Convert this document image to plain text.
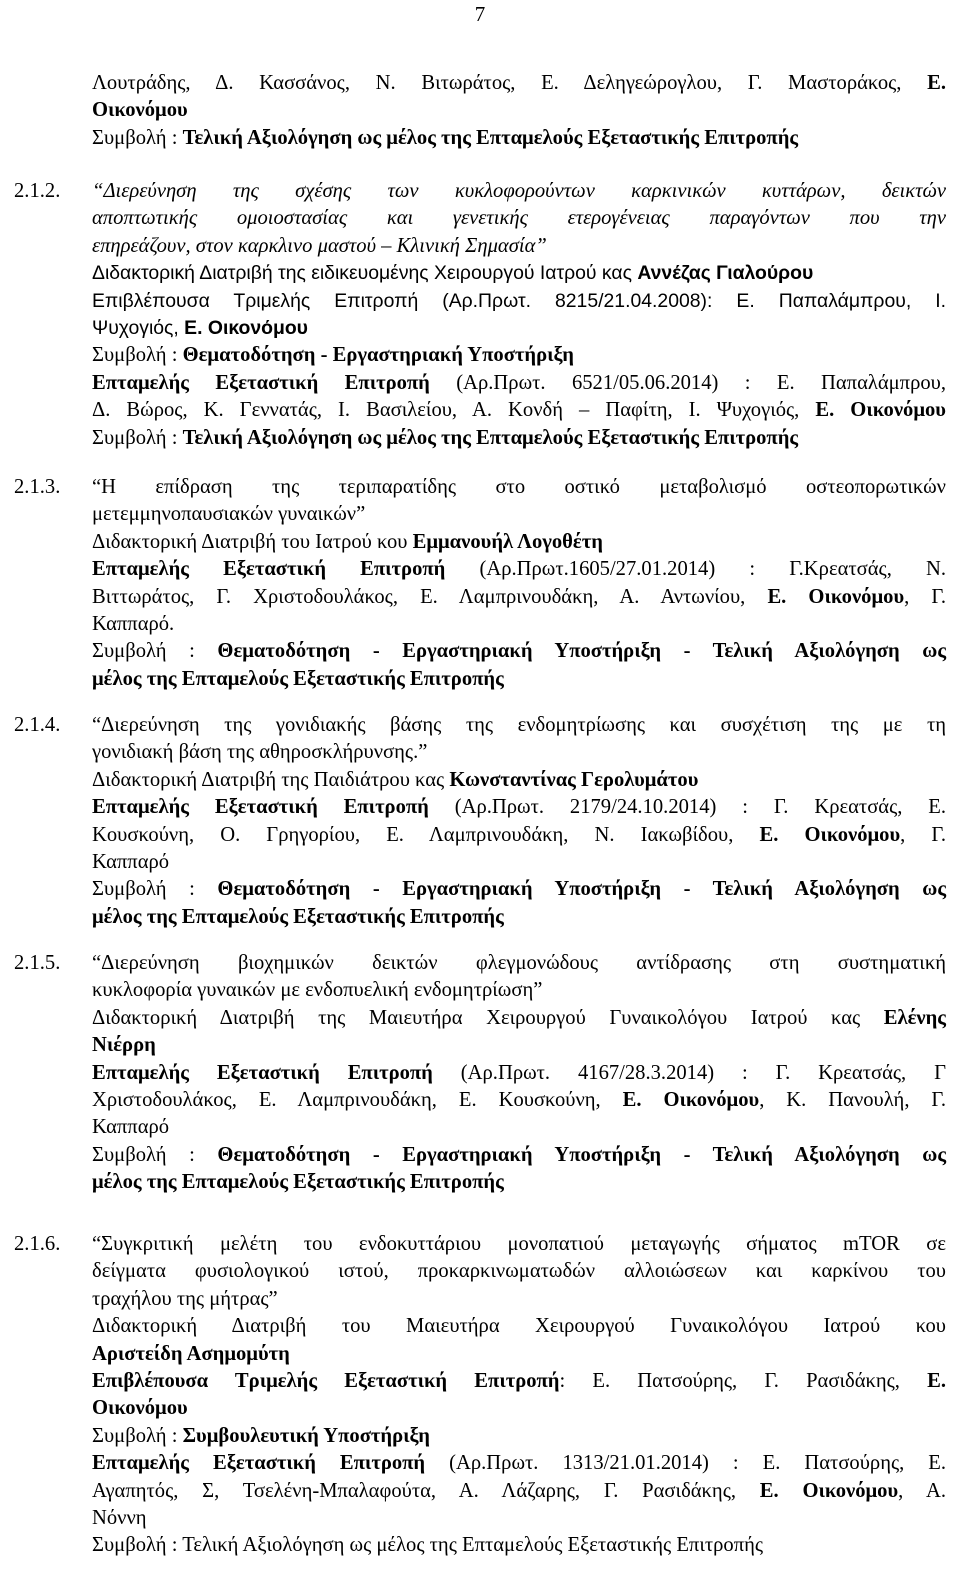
7
Λουτράδης, Δ. Κασσάνος, Ν. Βιτωράτος, Ε. Δεληγεώρογλου, Γ. Μαστοράκος, Ε.
Οικονόμου
Συμβολή : Τελική Αξιολόγηση ως μέλος της Επταμελούς Εξεταστικής Επιτροπής
2.1.2.	“Διερεύνηση της σχέσης των κυκλοφορούντων καρκινικών κυττάρων, δεικτών
αποπτωτικής ομοιοστασίας και γενετικής ετερογένειας παραγόντων που την
επηρεάζουν, στον καρκλινο μαστού – Κλινική Σημασία”
Διδακτορική Διατριβή της ειδικευομένης Χειρουργού Ιατρού κας Αννέζας Γιαλούρου
Επιβλέπουσα Τριμελής Επιτροπή (Αρ.Πρωτ. 8215/21.04.2008): Ε. Παπαλάμπρου, Ι.
Ψυχογιός, Ε. Οικονόμου
Συμβολή : Θεματοδότηση - Εργαστηριακή Υποστήριξη
Επταμελής Εξεταστική Επιτροπή (Αρ.Πρωτ. 6521/05.06.2014) : Ε. Παπαλάμπρου,
Δ. Βώρος, Κ. Γεννατάς, Ι. Βασιλείου, Α. Κονδή – Παφίτη, Ι. Ψυχογιός, Ε. Οικονόμου
Συμβολή : Τελική Αξιολόγηση ως μέλος της Επταμελούς Εξεταστικής Επιτροπής
2.1.3.	“Η επίδραση της τεριπαρατίδης στο οστικό μεταβολισμό οστεοπορωτικών
μετεμμηνοπαυσιακών γυναικών”
Διδακτορική Διατριβή του Ιατρού κου Εμμανουήλ Λογοθέτη
Επταμελής Εξεταστική Επιτροπή (Αρ.Πρωτ.1605/27.01.2014) : Γ.Κρεατσάς, Ν.
Βιττωράτος, Γ. Χριστοδουλάκος, Ε. Λαμπρινουδάκη, Α. Αντωνίου, Ε. Οικονόμου, Γ.
Καππαρό.
Συμβολή : Θεματοδότηση - Εργαστηριακή Υποστήριξη - Τελική Αξιολόγηση ως
μέλος της Επταμελούς Εξεταστικής Επιτροπής
2.1.4.	“Διερεύνηση της γονιδιακής βάσης της ενδομητρίωσης και συσχέτιση της με τη
γονιδιακή βάση της αθηροσκλήρυνσης.”
Διδακτορική Διατριβή της Παιδιάτρου κας Κωνσταντίνας Γερολυμάτου
Επταμελής Εξεταστική Επιτροπή (Αρ.Πρωτ. 2179/24.10.2014) : Γ. Κρεατσάς, Ε.
Κουσκούνη, Ο. Γρηγορίου, Ε. Λαμπρινουδάκη, Ν. Ιακωβίδου, Ε. Οικονόμου, Γ.
Καππαρό
Συμβολή : Θεματοδότηση - Εργαστηριακή Υποστήριξη - Τελική Αξιολόγηση ως
μέλος της Επταμελούς Εξεταστικής Επιτροπής
2.1.5.	“Διερεύνηση βιοχημικών δεικτών φλεγμονώδους αντίδρασης στη συστηματική
κυκλοφορία γυναικών με ενδοπυελική ενδομητρίωση”
Διδακτορική Διατριβή της Μαιευτήρα Χειρουργού Γυναικολόγου Ιατρού κας Ελένης
Νιέρρη
Επταμελής Εξεταστική Επιτροπή (Αρ.Πρωτ. 4167/28.3.2014) : Γ. Κρεατσάς, Γ
Χριστοδουλάκος, Ε. Λαμπρινουδάκη, Ε. Κουσκούνη, Ε. Οικονόμου, Κ. Πανουλή, Γ.
Καππαρό
Συμβολή : Θεματοδότηση - Εργαστηριακή Υποστήριξη - Τελική Αξιολόγηση ως
μέλος της Επταμελούς Εξεταστικής Επιτροπής
2.1.6.	“Συγκριτική μελέτη του ενδοκυττάριου μονοπατιού μεταγωγής σήματος mTOR σε
δείγματα φυσιολογικού ιστού, προκαρκινωματωδών αλλοιώσεων και καρκίνου του
τραχήλου της μήτρας”
Διδακτορική Διατριβή του Μαιευτήρα Χειρουργού Γυναικολόγου Ιατρού κου
Αριστείδη Ασημομύτη
Επιβλέπουσα Τριμελής Εξεταστική Επιτροπή: Ε. Πατσούρης, Γ. Ρασιδάκης, Ε.
Οικονόμου
Συμβολή : Συμβουλευτική Υποστήριξη
Επταμελής Εξεταστική Επιτροπή (Αρ.Πρωτ. 1313/21.01.2014) : Ε. Πατσούρης, Ε.
Αγαπητός, Σ, Τσελένη-Μπαλαφούτα, Α. Λάζαρης, Γ. Ρασιδάκης, Ε. Οικονόμου, Α.
Νόννη
Συμβολή : Τελική Αξιολόγηση ως μέλος της Επταμελούς Εξεταστικής Επιτροπής
